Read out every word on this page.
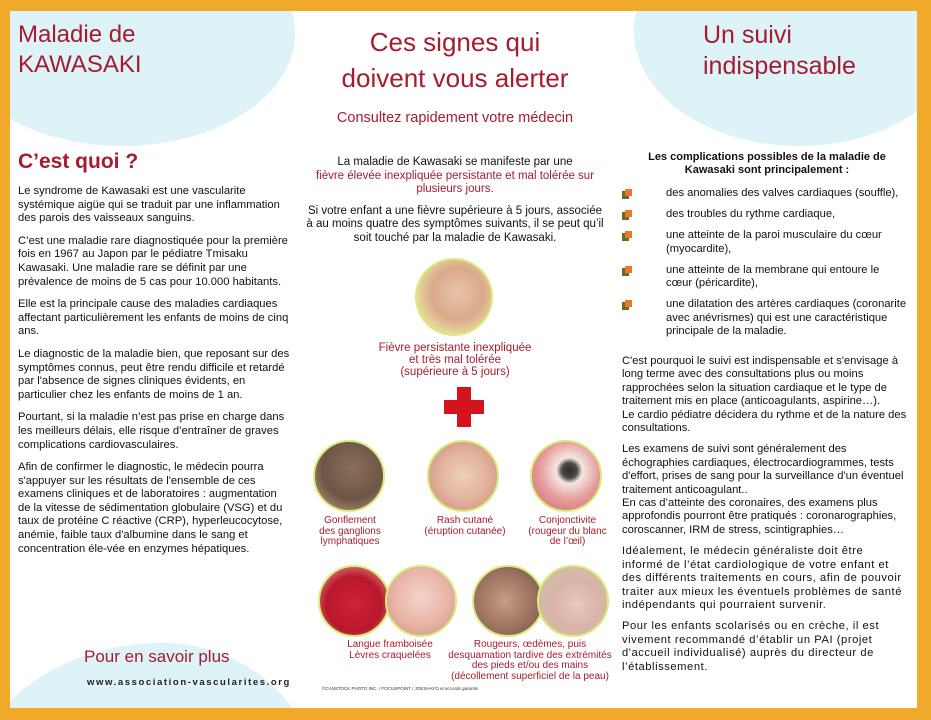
Maladie de
KAWASAKI
C’est quoi ?

Le syndrome de Kawasaki est une vascularite systémique aigüe qui se traduit par une inflammation des parois des vaisseaux sanguins.

C’est une maladie rare diagnostiquée pour la première fois en 1967 au Japon par le pédiatre Tmisaku Kawasaki. Une maladie rare se définit par une prévalence de moins de 5 cas pour 10.000 habitants.

Elle est la principale cause des maladies cardiaques affectant particulièrement les enfants de moins de cinq ans.

Le diagnostic de la maladie bien, que reposant sur des symptômes connus, peut être rendu difficile et retardé par l'absence de signes cliniques évidents, en particulier chez les enfants de moins de 1 an.

Pourtant, si la maladie n’est pas prise en charge dans les meilleurs délais, elle risque d’entraîner de graves complications cardiovasculaires.

Afin de confirmer le diagnostic, le médecin pourra s'appuyer sur les résultats de l'ensemble de ces examens cliniques et de laboratoires : augmentation de la vitesse de sédimentation globulaire (VSG) et du taux de protéine C réactive (CRP), hyperleucocytose, anémie, faible taux d'albumine dans le sang et concentration éle-vée en enzymes hépatiques.

Pour en savoir plus
www.association-vascularites.org
Ces signes qui
doivent vous alerter
Consultez rapidement votre médecin

La maladie de Kawasaki se manifeste par une
fièvre élevée inexpliquée persistante et mal tolérée sur plusieurs jours.

Si votre enfant a une fièvre supérieure à 5 jours, associée à au moins quatre des symptômes suivants, il se peut qu’il soit touché par la maladie de Kawasaki.

Fièvre persistante inexpliquée
et très mal tolérée
(supérieure à 5 jours)
Gonflement
des ganglions
lymphatiques
Rash cutané
(éruption cutanée)
Conjonctivite
(rougeur du blanc
de l’œil)
Langue framboisée
Lèvres craquelées
Rougeurs, œdèmes, puis
desquamation tardive des extrémités
des pieds et/ou des mains
(décollement superficiel de la peau)
©CANSTOCK PHOTO INC. / FOCUSPOINT / JOESHAYO et accords garantis
Un suivi
indispensable
Les complications possibles de la maladie de Kawasaki sont principalement :
des anomalies des valves cardiaques (souffle),
des troubles du rythme cardiaque,
une atteinte de la paroi musculaire du cœur (myocardite),
une atteinte de la membrane qui entoure le cœur (péricardite),
une dilatation des artères cardiaques (coronarite avec anévrismes) qui est une caractéristique principale de la maladie.

C'est pourquoi le suivi est indispensable et s'envisage à long terme avec des consultations plus ou moins rapprochées selon la situation cardiaque et le type de traitement mis en place (anticoagulants, aspirine…).
Le cardio pédiatre décidera du rythme et de la nature des consultations.

Les examens de suivi sont généralement des échographies cardiaques, électrocardiogrammes, tests d'effort, prises de sang pour la surveillance d'un éventuel traitement anticoagulant..
En cas d’atteinte des coronaires, des examens plus approfondis pourront être pratiqués : coronarographies, coroscanner, IRM de stress, scintigraphies…

Idéalement, le médecin généraliste doit être informé de l’état cardiologique de votre enfant et des différents traitements en cours, afin de pouvoir traiter aux mieux les éventuels problèmes de santé indépendants qui pourraient survenir.

Pour les enfants scolarisés ou en crèche, il est vivement recommandé d’établir un PAI (projet d'accueil individualisé) auprès du directeur de l’établissement.
